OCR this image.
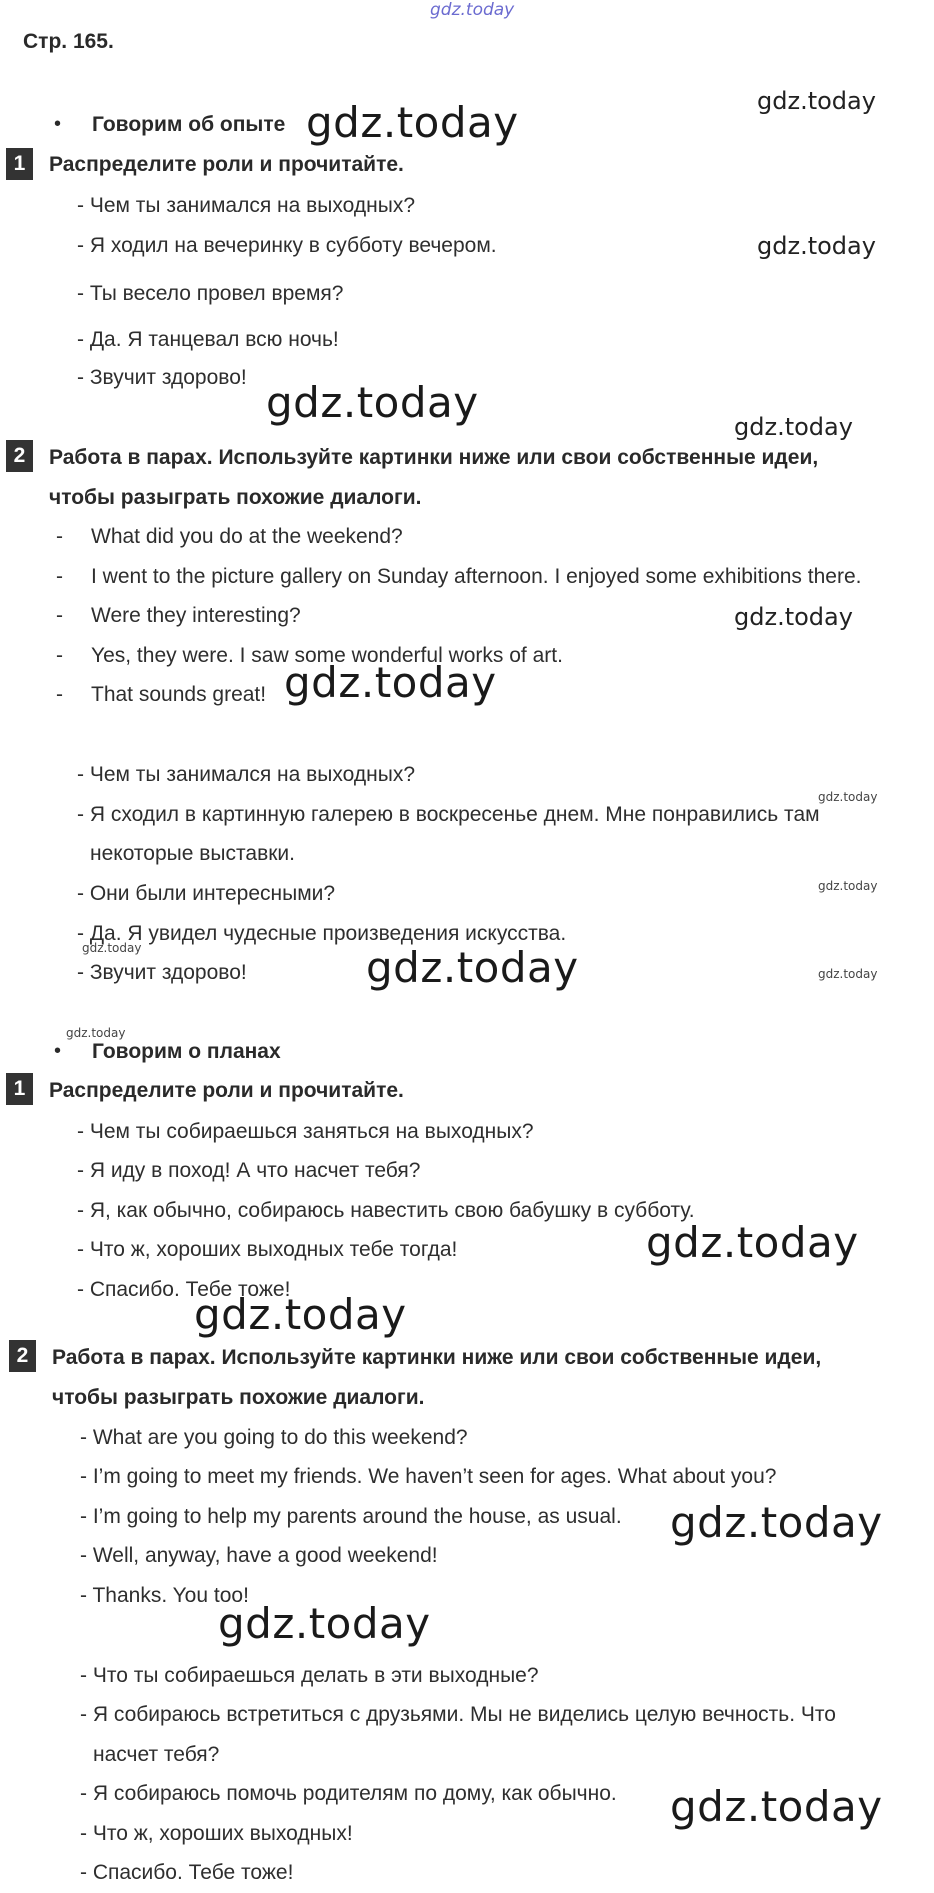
gdz.today
Стр. 165.
• Говорим об опыте
1	Распределите роли и прочитайте.
- Чем ты занимался на выходных?
- Я ходил на вечеринку в субботу вечером.
- Ты весело провел время?
- Да. Я танцевал всю ночь!
- Звучит здорово!
2	Работа в парах. Используйте картинки ниже или свои собственные идеи,
чтобы разыграть похожие диалоги.
- What did you do at the weekend?
- I went to the picture gallery on Sunday afternoon. I enjoyed some exhibitions there.
- Were they interesting?
- Yes, they were. I saw some wonderful works of art.
- That sounds great!
- Чем ты занимался на выходных?
- Я сходил в картинную галерею в воскресенье днем. Мне понравились там
некоторые выставки.
- Они были интересными?
- Да. Я увидел чудесные произведения искусства.
- Звучит здорово!
• Говорим о планах
1	Распределите роли и прочитайте.
- Чем ты собираешься заняться на выходных?
- Я иду в поход! А что насчет тебя?
- Я, как обычно, собираюсь навестить свою бабушку в субботу.
- Что ж, хороших выходных тебе тогда!
- Спасибо. Тебе тоже!
2	Работа в парах. Используйте картинки ниже или свои собственные идеи,
чтобы разыграть похожие диалоги.
- What are you going to do this weekend?
- I’m going to meet my friends. We haven’t seen for ages. What about you?
- I’m going to help my parents around the house, as usual.
- Well, anyway, have a good weekend!
- Thanks. You too!
- Что ты собираешься делать в эти выходные?
- Я собираюсь встретиться с друзьями. Мы не виделись целую вечность. Что
насчет тебя?
- Я собираюсь помочь родителям по дому, как обычно.
- Что ж, хороших выходных!
- Спасибо. Тебе тоже!
gdz.today
gdz.today
gdz.today
gdz.today	gdz.today
gdz.today
gdz.today
gdz.today
gdz.today
gdz.today	gdz.today	gdz.today
gdz.today
gdz.today
gdz.today
gdz.today
gdz.today
gdz.today
